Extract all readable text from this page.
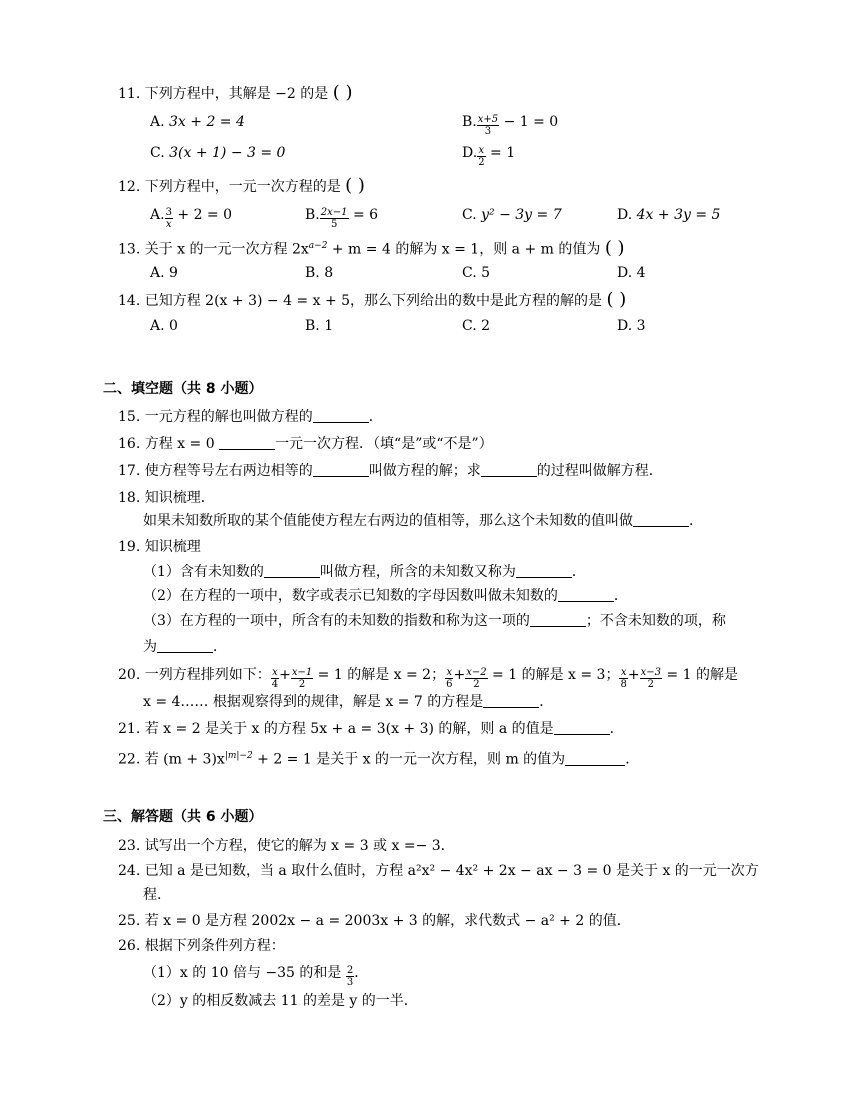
11. 下列方程中，其解是 −2 的是 ( )
A. 3x + 2 = 4	B. $\frac{x+5}{3} - 1 = 0$
C. 3(x + 1) − 3 = 0	D. $\frac{x}{2} = 1$
12. 下列方程中，一元一次方程的是 ( )
A. $\frac{3}{x} + 2 = 0$	B. $\frac{2x-1}{5} = 6$	C. y² − 3y = 7	D. 4x + 3y = 5
13. 关于 x 的一元一次方程 $2x^{a-2} + m = 4$ 的解为 x = 1，则 a + m 的值为 ( )
A. 9	B. 8	C. 5	D. 4
14. 已知方程 2(x + 3) − 4 = x + 5，那么下列给出的数中是此方程的解的是 ( )
A. 0	B. 1	C. 2	D. 3
二、填空题（共 8 小题）
15. 一元方程的解也叫做方程的	．
16. 方程 x = 0	一元一次方程．（填“是”或“不是”）
17. 使方程等号左右两边相等的	叫做方程的解；求	的过程叫做解方程．
18. 知识梳理．
如果未知数所取的某个值能使方程左右两边的值相等，那么这个未知数的值叫做	．
19. 知识梳理
（1）含有未知数的	叫做方程，所含的未知数又称为	．
（2）在方程的一项中，数字或表示已知数的字母因数叫做未知数的	．
（3）在方程的一项中，所含有的未知数的指数和称为这一项的	；不含未知数的项，称
为	．
20. 一列方程排列如下： $\frac{x}{4} + \frac{x-1}{2} = 1$ 的解是 x = 2； $\frac{x}{6} + \frac{x-2}{2} = 1$ 的解是 x = 3； $\frac{x}{8} + \frac{x-3}{2} = 1$ 的解是
x = 4…… 根据观察得到的规律，解是 x = 7 的方程是	．
21. 若 x = 2 是关于 x 的方程 5x + a = 3(x + 3) 的解，则 a 的值是	．
22. 若 $(m + 3)x^{|m|-2} + 2 = 1$ 是关于 x 的一元一次方程，则 m 的值为	．
三、解答题（共 6 小题）
23. 试写出一个方程，使它的解为 x = 3 或 x =− 3．
24. 已知 a 是已知数，当 a 取什么值时，方程 a²x² − 4x² + 2x − ax − 3 = 0 是关于 x 的一元一次方
程.
25. 若 x = 0 是方程 2002x − a = 2003x + 3 的解，求代数式 − a² + 2 的值．
26. 根据下列条件列方程：
（1）x 的 10 倍与 −35 的和是 $\frac{2}{3}$ ．
（2）y 的相反数减去 11 的差是 y 的一半．
